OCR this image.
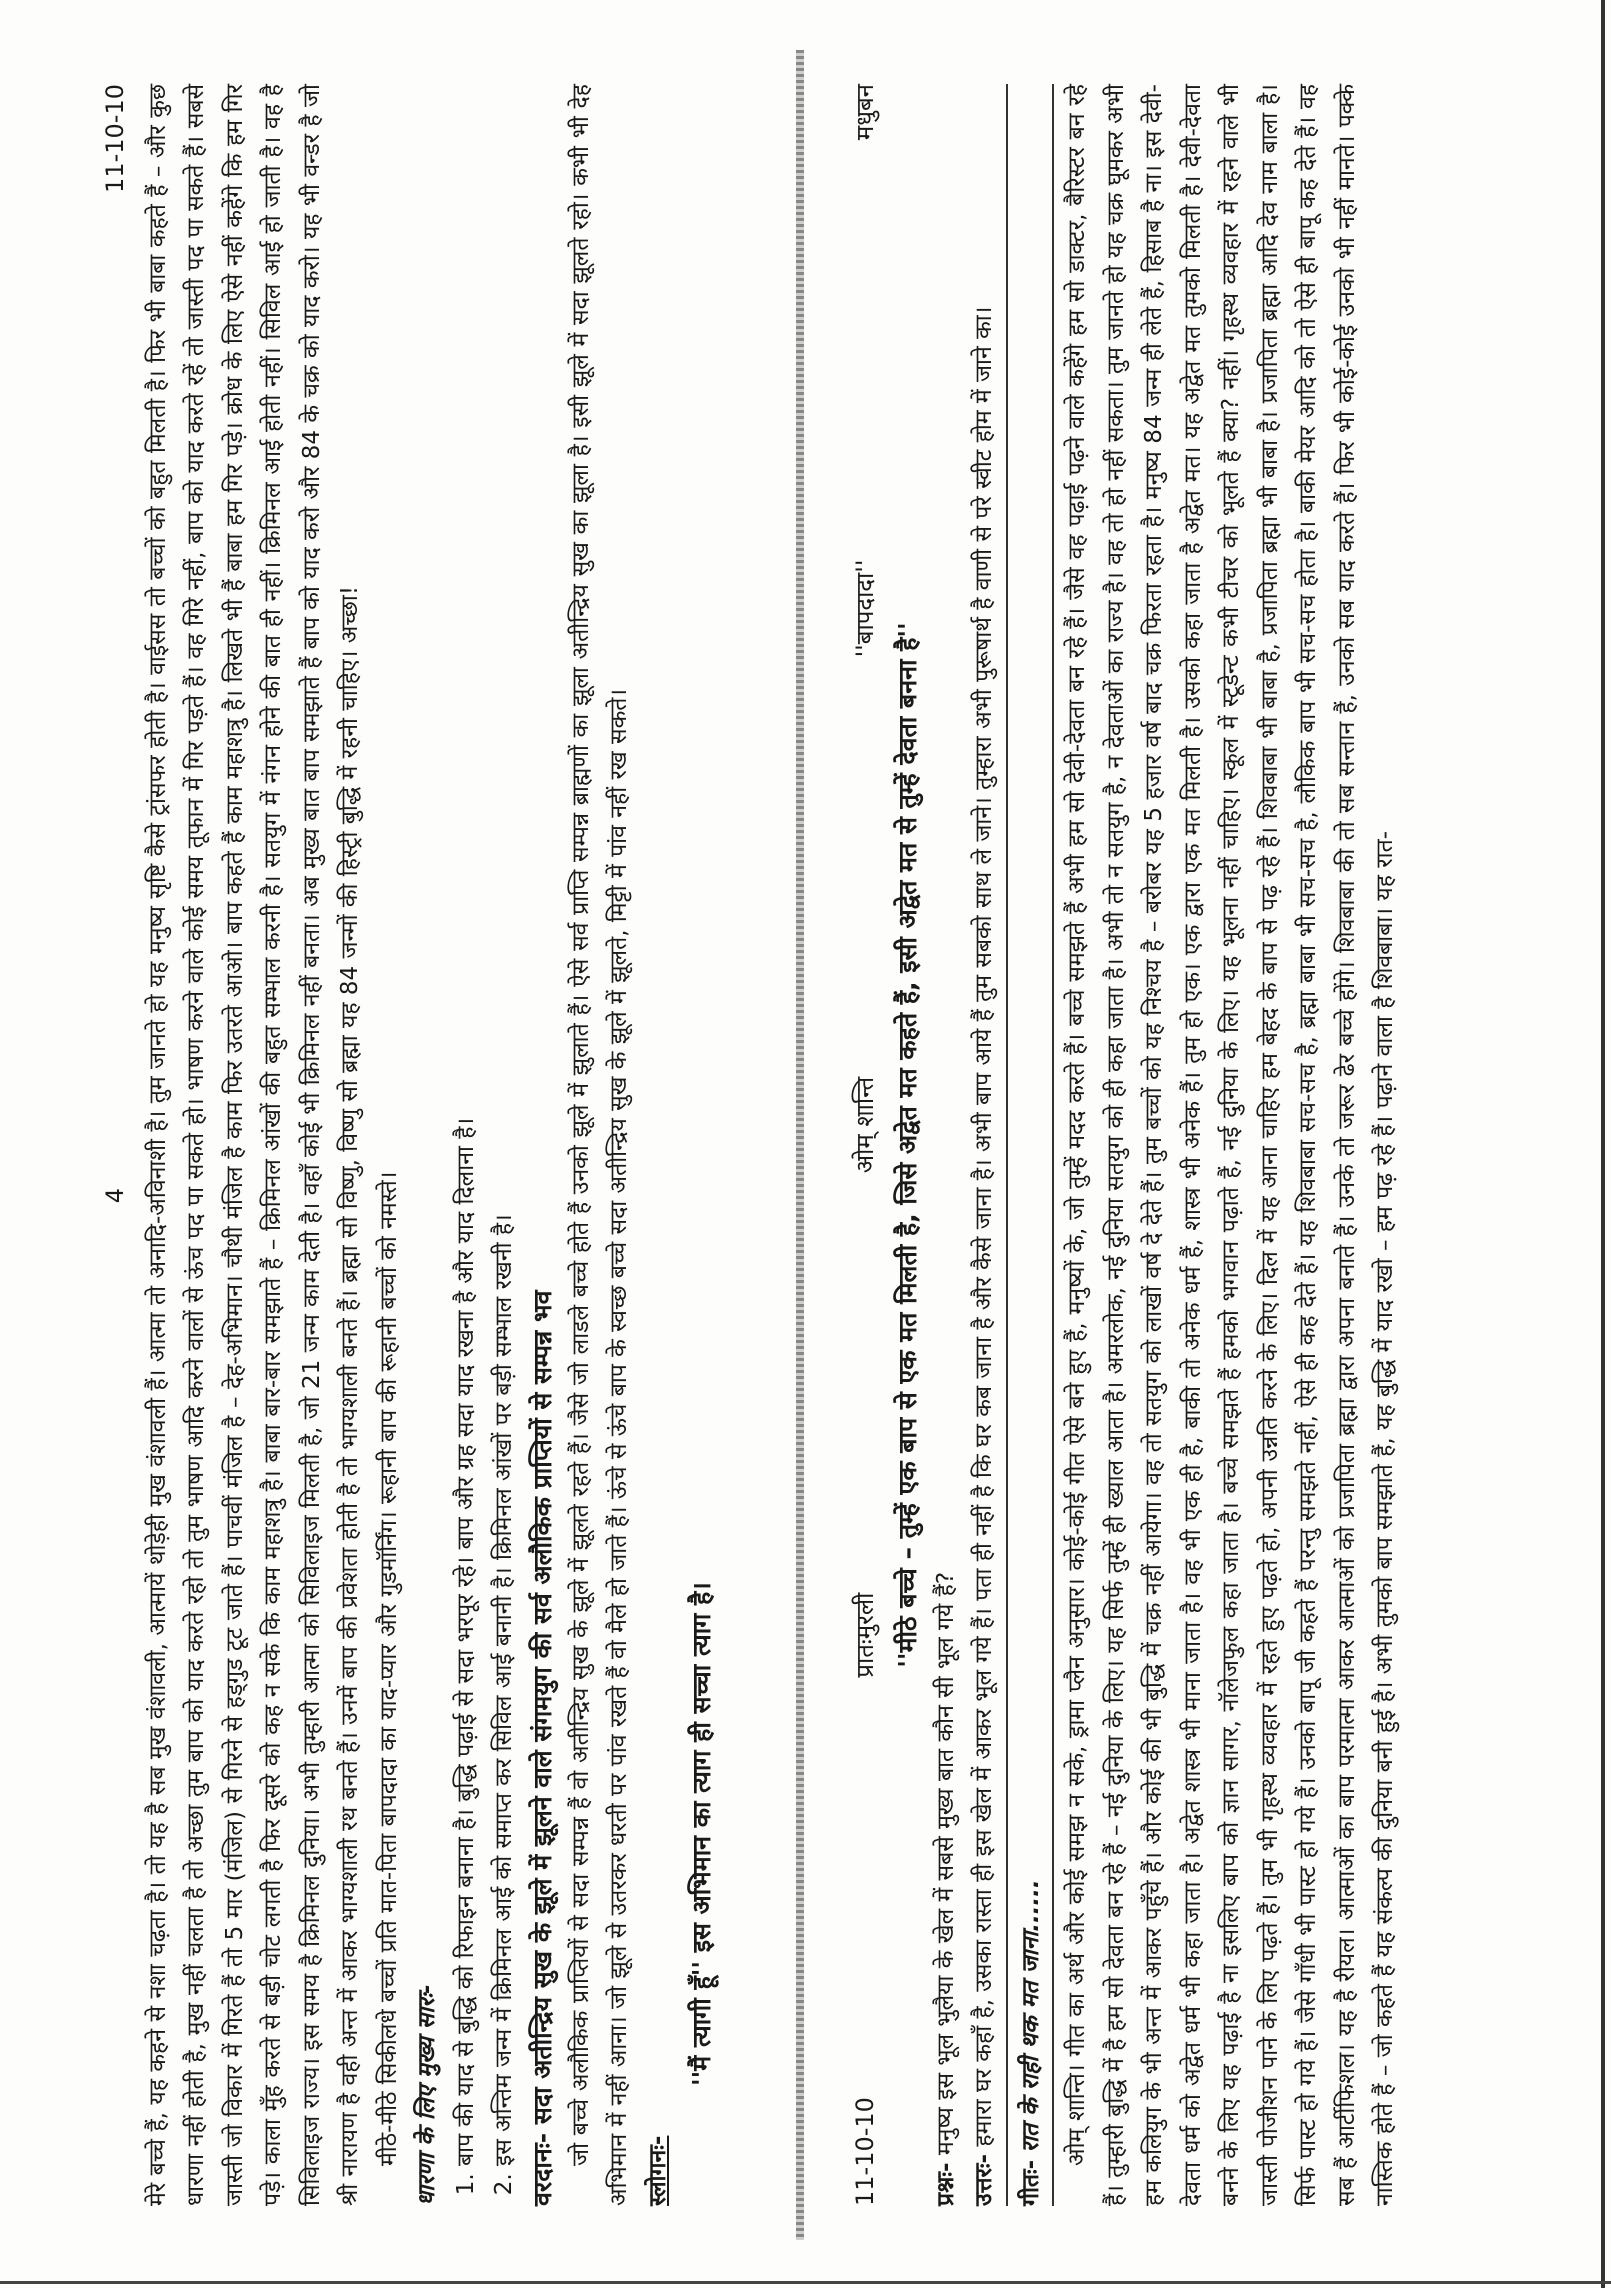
4
11-10-10 मेरे बच्चे हैं, यह कहने से नशा चढ़ता है। तो यह है सब मुख वंशावली, आत्मायें थोड़ेही मुख वंशावली हैं। आत्मा तो अनादि-अविनाशी है। तुम जानते हो यह मनुष्य सृष्टि कैसे ट्रांसफर होती है। वाईसस तो बच्चों को बहुत मिलती है। फिर भी बाबा कहते हैं – और कुछ धारणा नहीं होती है, मुख नहीं चलता है तो अच्छा तुम बाप को याद करते रहो तो तुम भाषण आदि करने वालों से ऊंच पद पा सकते हो। भाषण करने वाले कोई समय तूफान में गिर पड़ते हैं। वह गिरे नहीं, बाप को याद करते रहें तो जास्ती पद पा सकते हैं। सबसे जास्ती जो विकार में गिरते हैं तो 5 मार (मंजिल) से गिरने से हड्गुड टूट जाते हैं। पाचवीं मंजिल है – देह-अभिमान। चौथी मंजिल है काम फिर उतरते आओ। बाप कहते हैं काम महाशत्रु है। लिखते भी हैं बाबा हम गिर पड़े। क्रोध के लिए ऐसे नहीं कहेंगे कि हम गिर पड़े। काला मुँह करते से बड़ी चोट लगती है फिर दूसरे को कह न सके कि काम महाशत्रु है। बाबा बार-बार समझाते हैं – क्रिमिनल आंखों की बहुत सम्भाल करनी है। सतयुग में नंगन होने की बात ही नहीं। क्रिमिनल आई होती नहीं। सिविल आई हो जाती है। वह है सिविलाइज राज्य। इस समय है क्रिमिनल दुनिया। अभी तुम्हारी आत्मा को सिविलाइज मिलती है, जो 21 जन्म काम देती है। वहाँ कोई भी क्रिमिनल नहीं बनता। अब मुख्य बात बाप समझाते हैं बाप को याद करो और 84 के चक्र को याद करो। यह भी वन्डर है जो श्री नारायण है वही अन्त में आकर भाग्यशाली रथ बनते हैं। उनमें बाप की प्रवेशता होती है तो भाग्यशाली बनते हैं। ब्रह्मा सो विष्णु, विष्णु सो ब्रह्मा यह 84 जन्मों की हिस्ट्री बुद्धि में रहनी चाहिए। अच्छा! मीठे-मीठे सिकीलधे बच्चों प्रति मात-पिता बापदादा का याद-प्यार और गुडमॉर्निंग। रूहानी बाप की रूहानी बच्चों को नमस्ते। धारणा के लिए मुख्य सारः- 1. बाप की याद से बुद्धि को रिफाइन बनाना है। बुद्धि पढ़ाई से सदा भरपूर रहे। बाप और ग्रह सदा याद रखना है और याद दिलाना है। 2. इस अन्तिम जन्म में क्रिमिनल आई को समाप्त कर सिविल आई बनानी है। क्रिमिनल आंखों पर बड़ी सम्भाल रखनी है।
वरदानः- सदा अतीन्द्रिय सुख के झूले में झूलने वाले संगमयुग की सर्व अलौकिक प्राप्तियों से सम्पन्न भव जो बच्चे अलौकिक प्राप्तियों से सदा सम्पन्न हैं वो अतीन्द्रिय सुख के झूले में झूलते रहते हैं। जैसे जो लाडले बच्चे होते हैं उनको झूले में झुलाते हैं। ऐसे सर्व प्राप्ति सम्पन्न ब्राह्मणों का झूला अतीन्द्रिय सुख का झूला है। इसी झूले में सदा झूलते रहो। कभी भी देह अभिमान में नहीं आना। जो झूले से उतरकर धरती पर पांव रखते हैं वो मैले हो जाते हैं। ऊंचे से ऊंचे बाप के स्वच्छ बच्चे सदा अतीन्द्रिय सुख के झूले में झूलते, मिट्टी में पांव नहीं रख सकते। स्लोगनः-
''मैं त्यागी हूँ'' इस अभिमान का त्याग ही सच्चा त्याग है।
11-10-10
प्रातःमुरली
ओम् शान्ति
''बापदादा''
मधुबन
''मीठे बच्चे – तुम्हें एक बाप से एक मत मिलती है, जिसे अद्वेत मत कहते हैं, इसी अद्वेत मत से तुम्हें देवता बनना है''

प्रश्नः- मनुष्य इस भूल भुलैया के खेल में सबसे मुख्य बात कौन सी भूल गये हैं?

उत्तरः- हमारा घर कहाँ है, उसका रास्ता ही इस खेल में आकर भूल गये हैं। पता ही नहीं है कि घर कब जाना है और कैसे जाना है। अभी बाप आये हैं तुम सबको साथ ले जाने। तुम्हारा अभी पुरूषार्थ है वाणी से परे स्वीट होम में जाने का।

गीतः- रात के राही थक मत जाना...... ओम् शान्ति। गीत का अर्थ और कोई समझ न सके, ड्रामा प्लैन अनुसार। कोई-कोई गीत ऐसे बने हुए हैं, मनुष्यों के, जो तुम्हें मदद करते हैं। बच्चे समझते हैं अभी हम सो देवी-देवता बन रहे हैं। जैसे वह पढ़ाई पढ़ने वाले कहेंगे हम सो डाक्टर, बैरिस्टर बन रहे हैं। तुम्हारी बुद्धि में है हम सो देवता बन रहे हैं – नई दुनिया के लिए। यह सिर्फ तुम्हें ही ख्याल आता है। अमरलोक, नई दुनिया सतयुग को ही कहा जाता है। अभी तो न सतयुग है, न देवताओं का राज्य है। वह तो हो नहीं सकता। तुम जानते हो यह चक्र घूमकर अभी हम कलियुग के भी अन्त में आकर पहुँचे हैं। और कोई की भी बुद्धि में चक्र नहीं आयेगा। वह तो सतयुग को लाखों वर्ष दे देते हैं। तुम बच्चों को यह निश्चय है – बरोबर यह 5 हजार वर्ष बाद चक्र फिरता रहता है। मनुष्य 84 जन्म ही लेते हैं, हिसाब है ना। इस देवी-देवता धर्म को अद्वेत धर्म भी कहा जाता है। अद्वेत शास्त्र भी माना जाता है। वह भी एक ही है, बाकी तो अनेक धर्म हैं, शास्त्र भी अनेक हैं। तुम हो एक। एक द्वारा एक मत मिलती है। उसको कहा जाता है अद्वेत मत। यह अद्वेत मत तुमको मिलती है। देवी-देवता बनने के लिए यह पढ़ाई है ना इसलिए बाप को ज्ञान सागर, नॉलेजफुल कहा जाता है। बच्चे समझते हैं हमको भगवान पढ़ाते हैं, नई दुनिया के लिए। यह भूलना नहीं चाहिए। स्कूल में स्टूडेन्ट कभी टीचर को भूलते हैं क्या? नहीं। गृहस्थ व्यवहार में रहने वाले भी जास्ती पोजीशन पाने के लिए पढ़ते हैं। तुम भी गृहस्थ व्यवहार में रहते हुए पढ़ते हो, अपनी उन्नति करने के लिए। दिल में यह आना चाहिए हम बेहद के बाप से पढ़ रहे हैं। शिवबाबा भी बाबा है, प्रजापिता ब्रह्मा भी बाबा है। प्रजापिता ब्रह्मा आदि देव नाम बाला है। सिर्फ पास्ट हो गये हैं। जैसे गाँधी भी पास्ट हो गये हैं। उनको बापू जी कहते हैं परन्तु समझते नहीं, ऐसे ही कह देते हैं। यह शिवबाबा सच-सच है, ब्रह्मा बाबा भी सच-सच है, लौकिक बाप भी सच-सच होता है। बाकी मेयर आदि को तो ऐसे ही बापू कह देते हैं। वह सब हैं आर्टीफिशल। यह है रीयल। आत्माओं का बाप परमात्मा आकर आत्माओं को प्रजापिता ब्रह्मा द्वारा अपना बनाते हैं। उनके तो जरूर ढेर बच्चे होंगे। शिवबाबा की तो सब सन्तान हैं, उनको सब याद करते हैं। फिर भी कोई-कोई उनको भी नहीं मानते। पक्के नास्तिक होते हैं – जो कहते हैं यह संकल्प की दुनिया बनी हुई है। अभी तुमको बाप समझाते हैं, यह बुद्धि में याद रखो – हम पढ़ रहे हैं। पढ़ाने वाला है शिवबाबा। यह रात-
